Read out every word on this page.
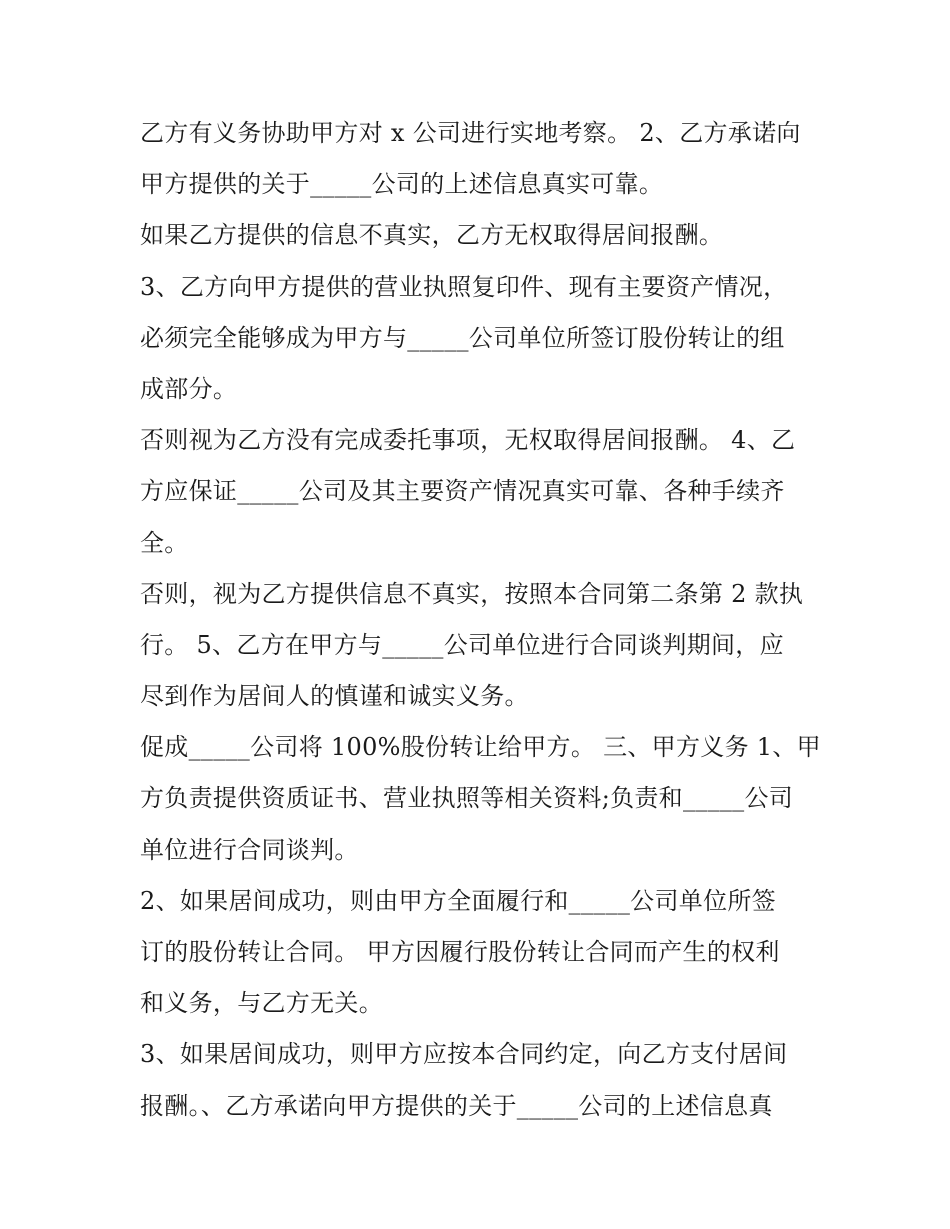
乙方有义务协助甲方对 x 公司进行实地考察。 2、乙方承诺向
甲方提供的关于_____公司的上述信息真实可靠。
如果乙方提供的信息不真实，乙方无权取得居间报酬。
3、乙方向甲方提供的营业执照复印件、现有主要资产情况，
必须完全能够成为甲方与_____公司单位所签订股份转让的组
成部分。
否则视为乙方没有完成委托事项，无权取得居间报酬。 4、乙
方应保证_____公司及其主要资产情况真实可靠、各种手续齐
全。
否则，视为乙方提供信息不真实，按照本合同第二条第 2 款执
行。 5、乙方在甲方与_____公司单位进行合同谈判期间，应
尽到作为居间人的慎谨和诚实义务。
促成_____公司将 100%股份转让给甲方。 三、甲方义务 1、甲
方负责提供资质证书、营业执照等相关资料;负责和_____公司
单位进行合同谈判。
2、如果居间成功，则由甲方全面履行和_____公司单位所签
订的股份转让合同。 甲方因履行股份转让合同而产生的权利
和义务，与乙方无关。
3、如果居间成功，则甲方应按本合同约定，向乙方支付居间
报酬。、乙方承诺向甲方提供的关于_____公司的上述信息真
